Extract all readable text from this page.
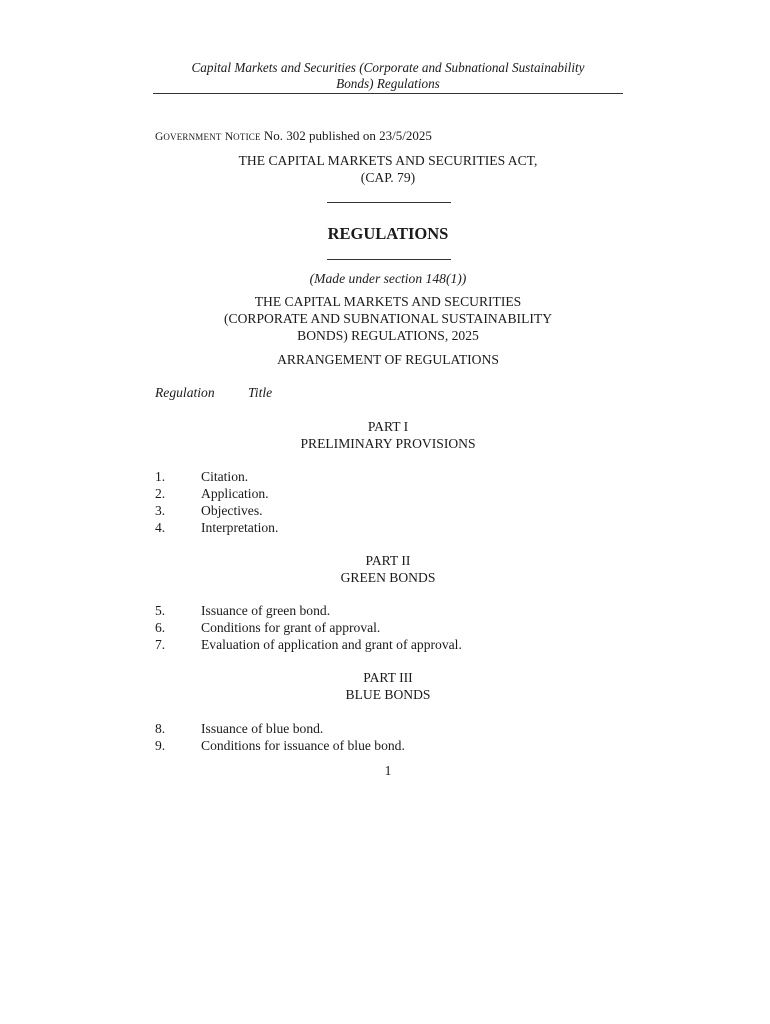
Capital Markets and Securities (Corporate and Subnational Sustainability
Bonds) Regulations
GOVERNMENT NOTICE No. 302 published on 23/5/2025
THE CAPITAL MARKETS AND SECURITIES ACT,
(CAP. 79)
REGULATIONS
(Made under section 148(1))
THE CAPITAL MARKETS AND SECURITIES
(CORPORATE AND SUBNATIONAL SUSTAINABILITY
BONDS) REGULATIONS, 2025
ARRANGEMENT OF REGULATIONS
Regulation Title
PART I
PRELIMINARY PROVISIONS
1.	Citation.
2.	Application.
3.	Objectives.
4.	Interpretation.
PART II
GREEN BONDS
5.	Issuance of green bond.
6.	Conditions for grant of approval.
7.	Evaluation of application and grant of approval.
PART III
BLUE BONDS
8.	Issuance of blue bond.
9.	Conditions for issuance of blue bond.
1
